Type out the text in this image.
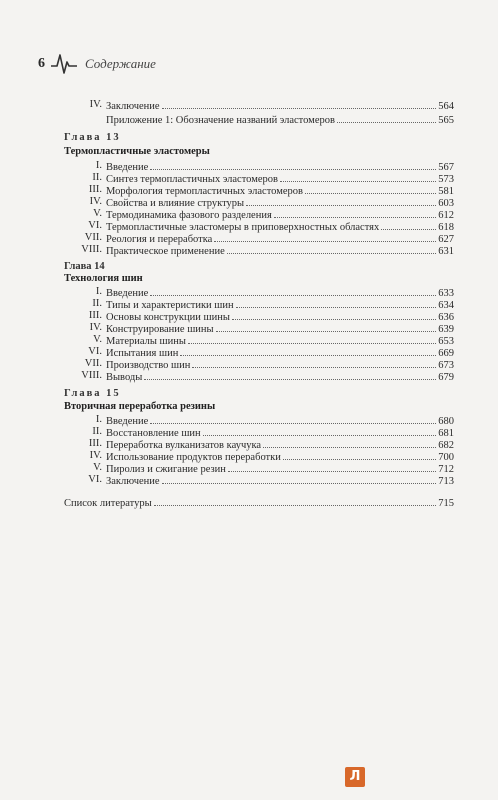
6	Содержание
IV. Заключение	564
Приложение 1: Обозначение названий эластомеров	565
Глава 13
Термопластичные эластомеры
I. Введение	567
II. Синтез термопластичных эластомеров	573
III. Морфология термопластичных эластомеров	581
IV. Свойства и влияние структуры	603
V. Термодинамика фазового разделения	612
VI. Термопластичные эластомеры в приповерхностных областях	618
VII. Реология и переработка	627
VIII. Практическое применение	631
Глава 14
Технология шин
I. Введение	633
II. Типы и характеристики шин	634
III. Основы конструкции шины	636
IV. Конструирование шины	639
V. Материалы шины	653
VI. Испытания шин	669
VII. Производство шин	673
VIII. Выводы	679
Глава 15
Вторичная переработка резины
I. Введение	680
II. Восстановление шин	681
III. Переработка вулканизатов каучука	682
IV. Использование продуктов переработки	700
V. Пиролиз и сжигание резин	712
VI. Заключение	713
Список литературы	715
Л
